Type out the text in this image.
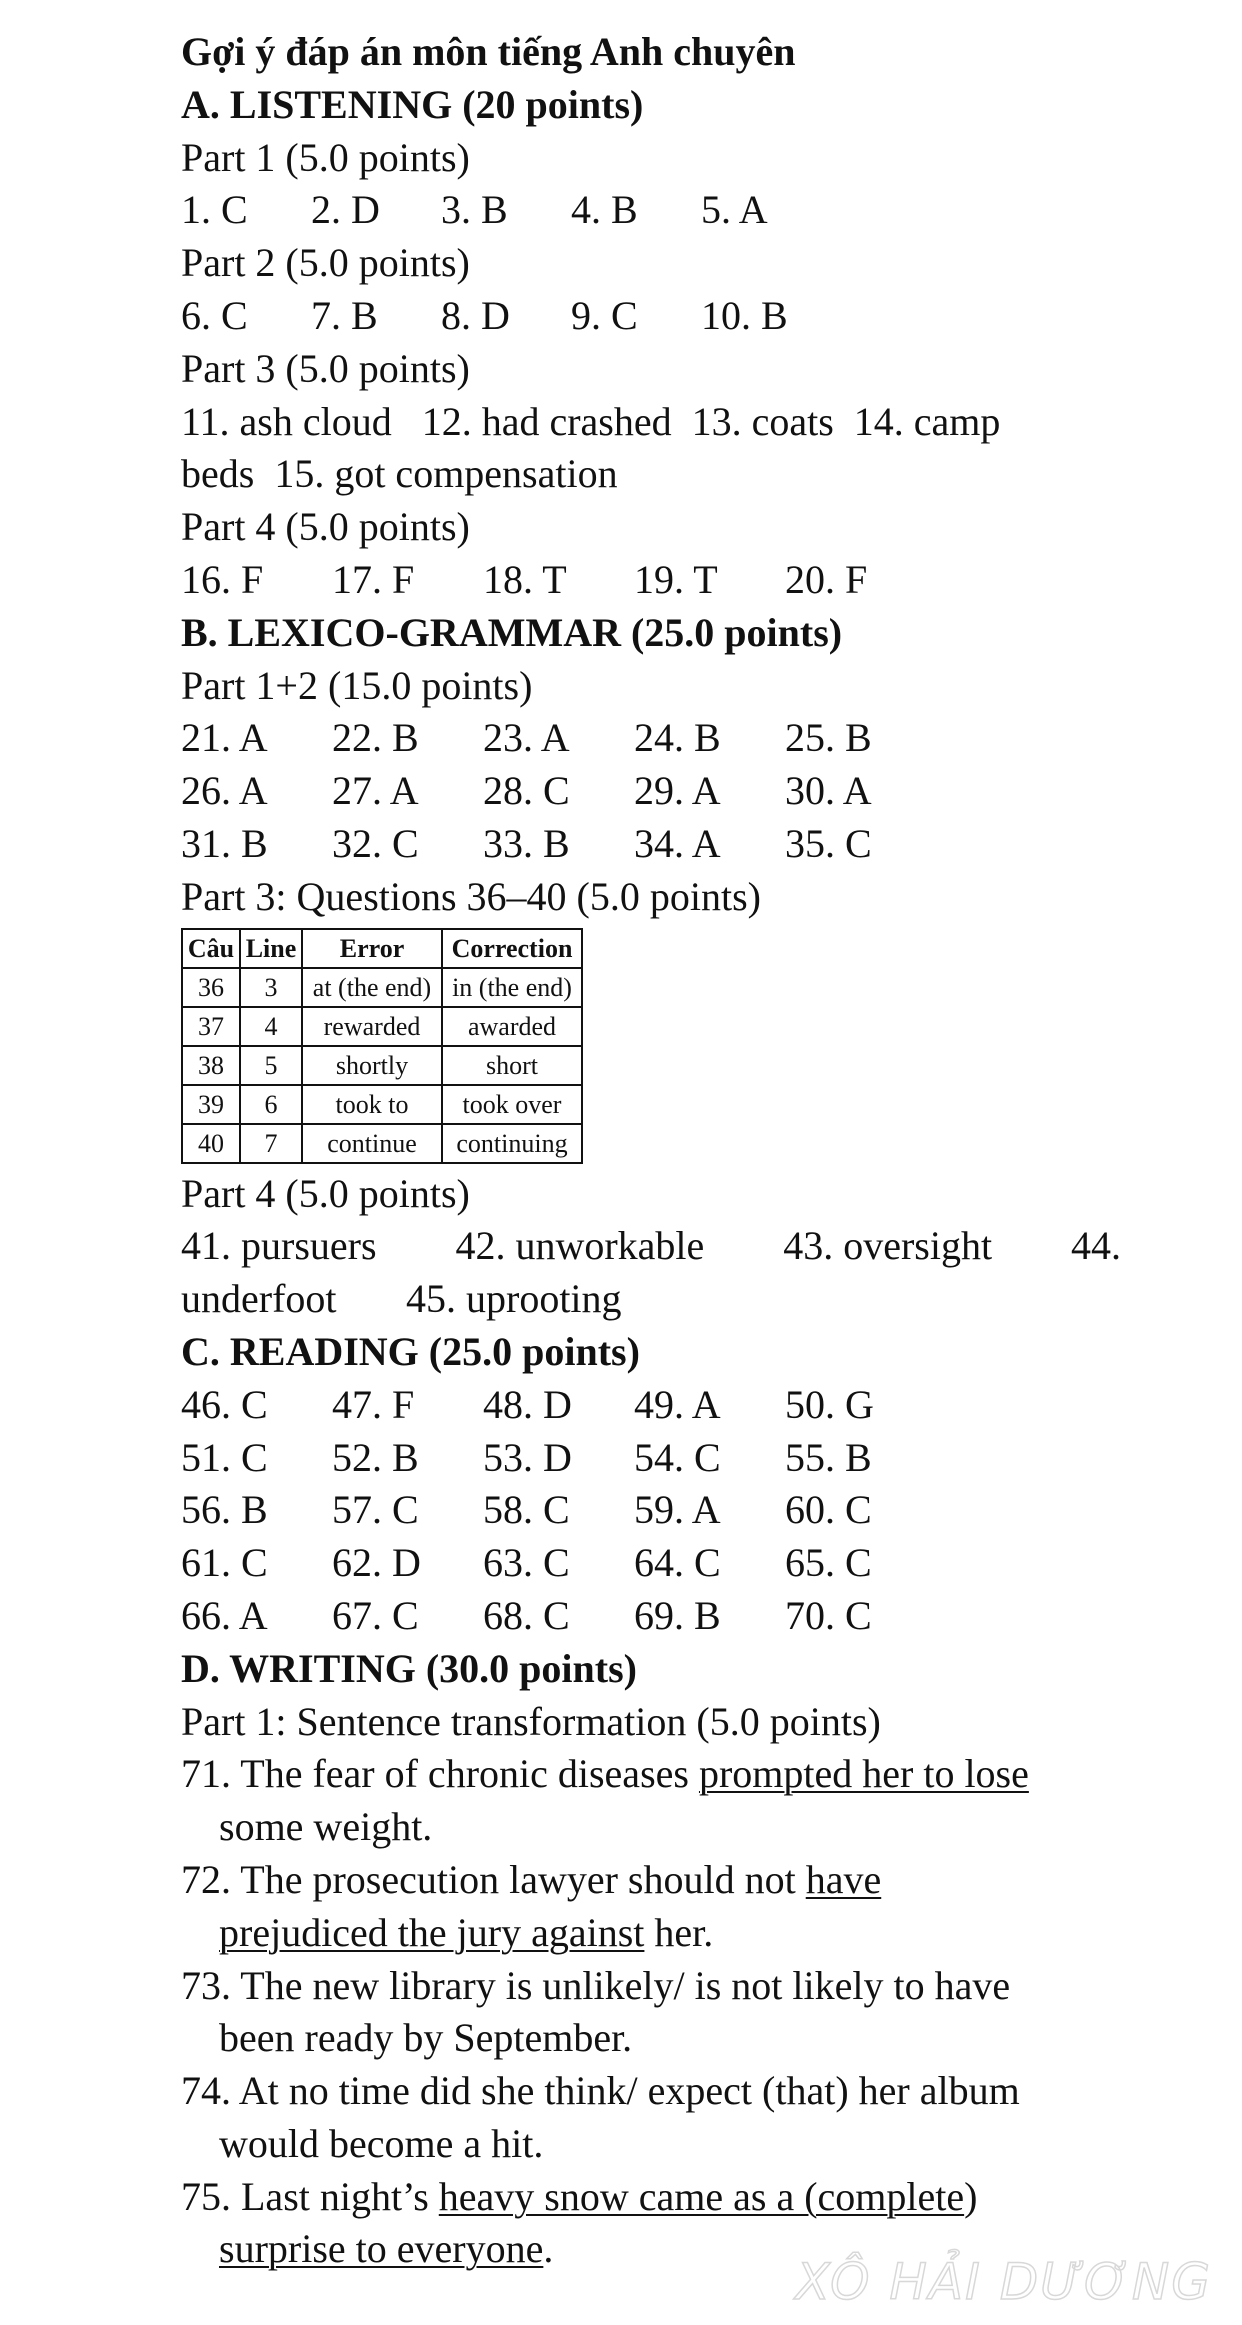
Gợi ý đáp án môn tiếng Anh chuyên
A. LISTENING (20 points)
Part 1 (5.0 points)
1. C 2. D 3. B 4. B 5. A
Part 2 (5.0 points)
6. C 7. B 8. D 9. C 10. B
Part 3 (5.0 points)
11. ash cloud   12. had crashed  13. coats  14. camp
beds  15. got compensation
Part 4 (5.0 points)
16. F 17. F 18. T 19. T 20. F
B. LEXICO-GRAMMAR (25.0 points)
Part 1+2 (15.0 points)
21. A 22. B 23. A 24. B 25. B
26. A 27. A 28. C 29. A 30. A
31. B 32. C 33. B 34. A 35. C
Part 3: Questions 36–40 (5.0 points)
Câu	Line	Error	Correction
36	3	at (the end)	in (the end)
37	4	rewarded	awarded
38	5	shortly	short
39	6	took to	took over
40	7	continue	continuing
Part 4 (5.0 points)
41. pursuers 42. unworkable 43. oversight 44.
underfoot 45. uprooting
C. READING (25.0 points)
46. C 47. F 48. D 49. A 50. G
51. C 52. B 53. D 54. C 55. B
56. B 57. C 58. C 59. A 60. C
61. C 62. D 63. C 64. C 65. C
66. A 67. C 68. C 69. B 70. C
D. WRITING (30.0 points)
Part 1: Sentence transformation (5.0 points)
71. The fear of chronic diseases prompted her to lose
some weight.
72. The prosecution lawyer should not have
prejudiced the jury against her.
73. The new library is unlikely/ is not likely to have
been ready by September.
74. At no time did she think/ expect (that) her album
would become a hit.
75. Last night’s heavy snow came as a (complete)
surprise to everyone.
XÔ HẢI DƯƠNG
